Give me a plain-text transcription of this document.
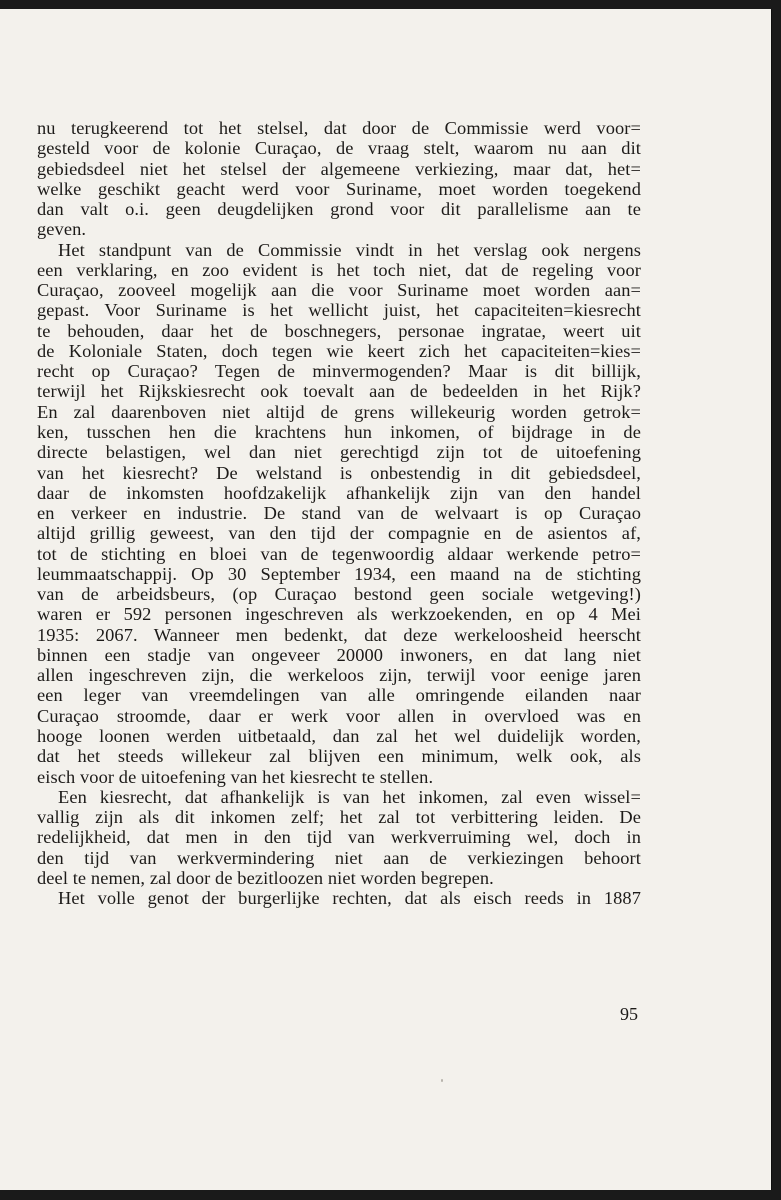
nu terugkeerend tot het stelsel, dat door de Commissie werd voor=
gesteld voor de kolonie Curaçao, de vraag stelt, waarom nu aan dit
gebiedsdeel niet het stelsel der algemeene verkiezing, maar dat, het=
welke geschikt geacht werd voor Suriname, moet worden toegekend
dan valt o.i. geen deugdelijken grond voor dit parallelisme aan te
geven.
Het standpunt van de Commissie vindt in het verslag ook nergens
een verklaring, en zoo evident is het toch niet, dat de regeling voor
Curaçao, zooveel mogelijk aan die voor Suriname moet worden aan=
gepast. Voor Suriname is het wellicht juist, het capaciteiten=kiesrecht
te behouden, daar het de boschnegers, personae ingratae, weert uit
de Koloniale Staten, doch tegen wie keert zich het capaciteiten=kies=
recht op Curaçao? Tegen de minvermogenden? Maar is dit billijk,
terwijl het Rijkskiesrecht ook toevalt aan de bedeelden in het Rijk?
En zal daarenboven niet altijd de grens willekeurig worden getrok=
ken, tusschen hen die krachtens hun inkomen, of bijdrage in de
directe belastigen, wel dan niet gerechtigd zijn tot de uitoefening
van het kiesrecht? De welstand is onbestendig in dit gebiedsdeel,
daar de inkomsten hoofdzakelijk afhankelijk zijn van den handel
en verkeer en industrie. De stand van de welvaart is op Curaçao
altijd grillig geweest, van den tijd der compagnie en de asientos af,
tot de stichting en bloei van de tegenwoordig aldaar werkende petro=
leummaatschappij. Op 30 September 1934, een maand na de stichting
van de arbeidsbeurs, (op Curaçao bestond geen sociale wetgeving!)
waren er 592 personen ingeschreven als werkzoekenden, en op 4 Mei
1935: 2067. Wanneer men bedenkt, dat deze werkeloosheid heerscht
binnen een stadje van ongeveer 20000 inwoners, en dat lang niet
allen ingeschreven zijn, die werkeloos zijn, terwijl voor eenige jaren
een leger van vreemdelingen van alle omringende eilanden naar
Curaçao stroomde, daar er werk voor allen in overvloed was en
hooge loonen werden uitbetaald, dan zal het wel duidelijk worden,
dat het steeds willekeur zal blijven een minimum, welk ook, als
eisch voor de uitoefening van het kiesrecht te stellen.
Een kiesrecht, dat afhankelijk is van het inkomen, zal even wissel=
vallig zijn als dit inkomen zelf; het zal tot verbittering leiden. De
redelijkheid, dat men in den tijd van werkverruiming wel, doch in
den tijd van werkvermindering niet aan de verkiezingen behoort
deel te nemen, zal door de bezitloozen niet worden begrepen.
Het volle genot der burgerlijke rechten, dat als eisch reeds in 1887
95
